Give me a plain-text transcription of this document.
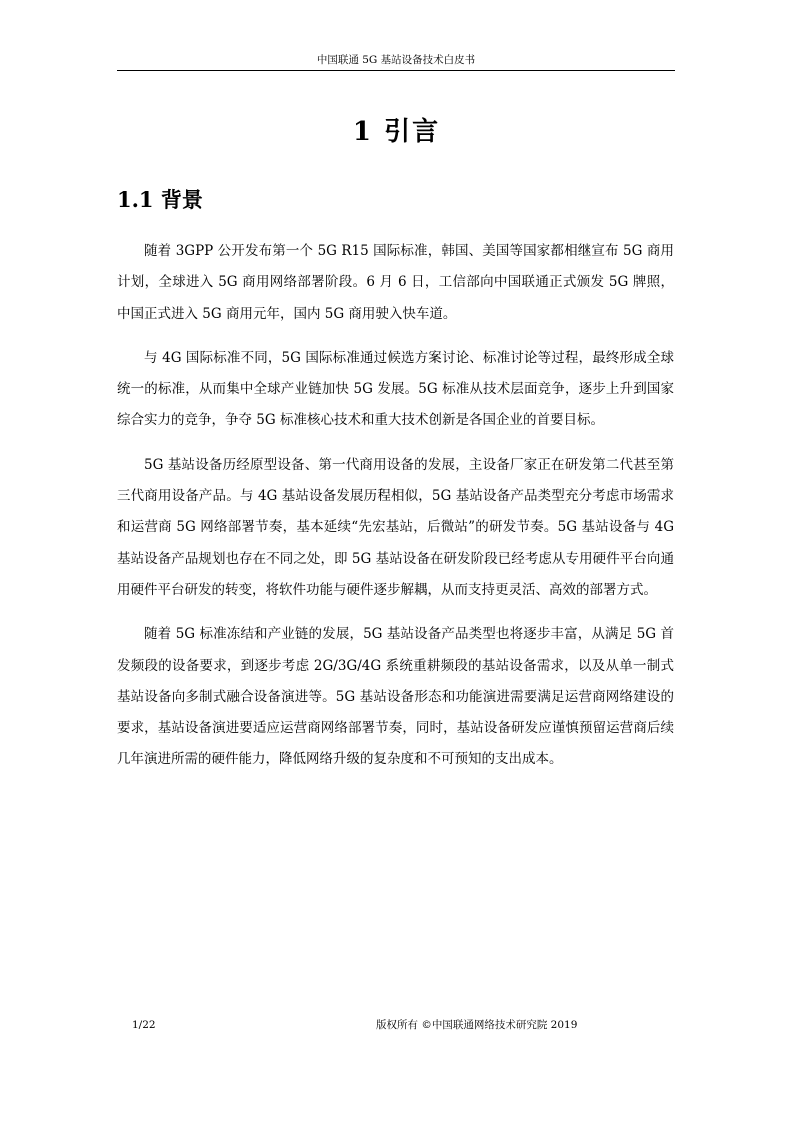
中国联通 5G 基站设备技术白皮书
1 引言
1.1 背景

随着 3GPP 公开发布第一个 5G R15 国际标准，韩国、美国等国家都相继宣布 5G 商用计划，全球进入 5G 商用网络部署阶段。6 月 6 日，工信部向中国联通正式颁发 5G 牌照，中国正式进入 5G 商用元年，国内 5G 商用驶入快车道。

与 4G 国际标准不同，5G 国际标准通过候选方案讨论、标准讨论等过程，最终形成全球统一的标准，从而集中全球产业链加快 5G 发展。5G 标准从技术层面竞争，逐步上升到国家综合实力的竞争，争夺 5G 标准核心技术和重大技术创新是各国企业的首要目标。

5G 基站设备历经原型设备、第一代商用设备的发展，主设备厂家正在研发第二代甚至第三代商用设备产品。与 4G 基站设备发展历程相似，5G 基站设备产品类型充分考虑市场需求和运营商 5G 网络部署节奏，基本延续“先宏基站，后微站”的研发节奏。5G 基站设备与 4G 基站设备产品规划也存在不同之处，即 5G 基站设备在研发阶段已经考虑从专用硬件平台向通用硬件平台研发的转变，将软件功能与硬件逐步解耦，从而支持更灵活、高效的部署方式。

随着 5G 标准冻结和产业链的发展，5G 基站设备产品类型也将逐步丰富，从满足 5G 首发频段的设备要求，到逐步考虑 2G/3G/4G 系统重耕频段的基站设备需求，以及从单一制式基站设备向多制式融合设备演进等。5G 基站设备形态和功能演进需要满足运营商网络建设的要求，基站设备演进要适应运营商网络部署节奏，同时，基站设备研发应谨慎预留运营商后续几年演进所需的硬件能力，降低网络升级的复杂度和不可预知的支出成本。

1/22	版权所有 ©中国联通网络技术研究院 2019
